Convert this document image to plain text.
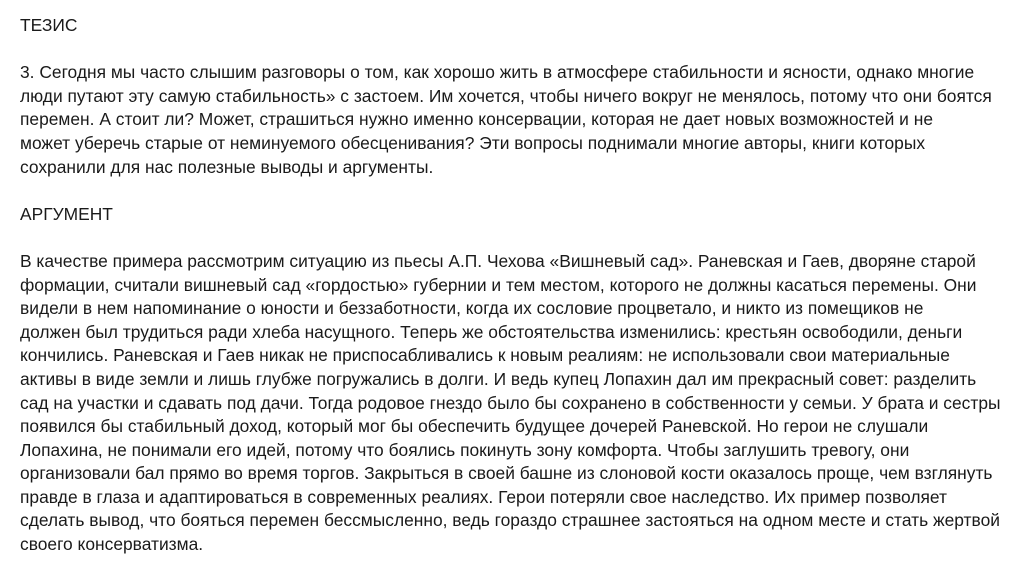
ТЕЗИС
3. Сегодня мы часто слышим разговоры о том, как хорошо жить в атмосфере стабильности и ясности, однако многие
люди путают эту самую стабильность» с застоем. Им хочется, чтобы ничего вокруг не менялось, потому что они боятся
перемен. А стоит ли? Может, страшиться нужно именно консервации, которая не дает новых возможностей и не
может уберечь старые от неминуемого обесценивания? Эти вопросы поднимали многие авторы, книги которых
сохранили для нас полезные выводы и аргументы.
АРГУМЕНТ
В качестве примера рассмотрим ситуацию из пьесы А.П. Чехова «Вишневый сад». Раневская и Гаев, дворяне старой
формации, считали вишневый сад «гордостью» губернии и тем местом, которого не должны касаться перемены. Они
видели в нем напоминание о юности и беззаботности, когда их сословие процветало, и никто из помещиков не
должен был трудиться ради хлеба насущного. Теперь же обстоятельства изменились: крестьян освободили, деньги
кончились. Раневская и Гаев никак не приспосабливались к новым реалиям: не использовали свои материальные
активы в виде земли и лишь глубже погружались в долги. И ведь купец Лопахин дал им прекрасный совет: разделить
сад на участки и сдавать под дачи. Тогда родовое гнездо было бы сохранено в собственности у семьи. У брата и сестры
появился бы стабильный доход, который мог бы обеспечить будущее дочерей Раневской. Но герои не слушали
Лопахина, не понимали его идей, потому что боялись покинуть зону комфорта. Чтобы заглушить тревогу, они
организовали бал прямо во время торгов. Закрыться в своей башне из слоновой кости оказалось проще, чем взглянуть
правде в глаза и адаптироваться в современных реалиях. Герои потеряли свое наследство. Их пример позволяет
сделать вывод, что бояться перемен бессмысленно, ведь гораздо страшнее застояться на одном месте и стать жертвой
своего консерватизма.
